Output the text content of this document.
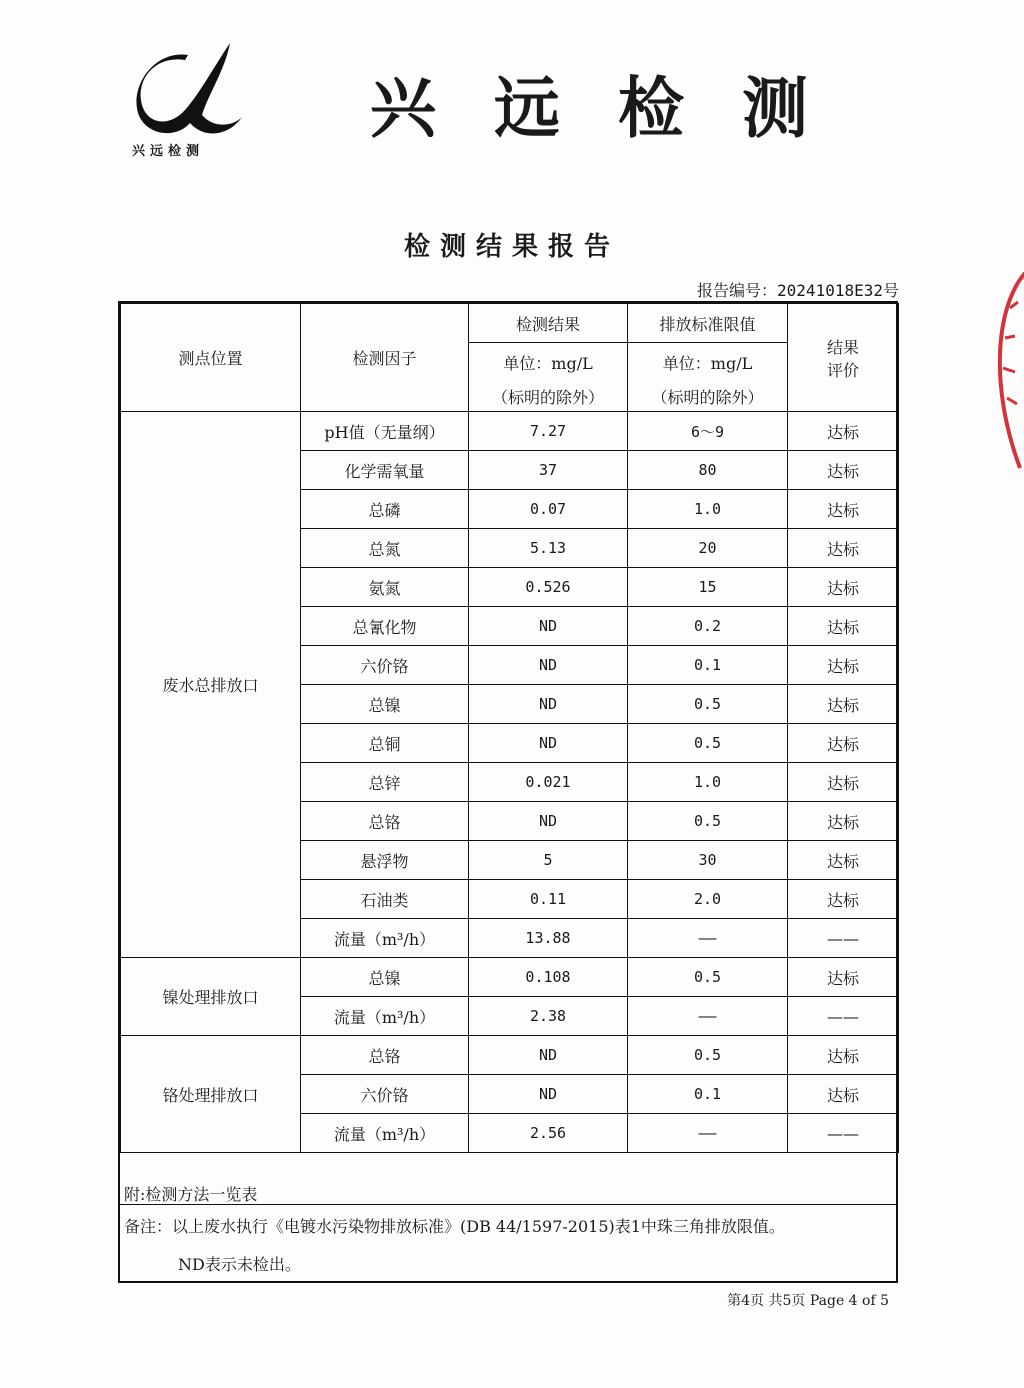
兴远检测
兴远检测
检测结果报告
报告编号：20241018E32号
测点位置	检测因子	检测结果	排放标准限值	结果
评价

		单位：mg/L	单位：mg/L	
		（标明的除外）	（标明的除外）	
废水总排放口	pH值（无量纲）	7.27	6～9	达标
	化学需氧量	37	80	达标
	总磷	0.07	1.0	达标
	总氮	5.13	20	达标
	氨氮	0.526	15	达标
	总氰化物	ND	0.2	达标
	六价铬	ND	0.1	达标
	总镍	ND	0.5	达标
	总铜	ND	0.5	达标
	总锌	0.021	1.0	达标
	总铬	ND	0.5	达标
	悬浮物	5	30	达标
	石油类	0.11	2.0	达标
	流量（m³/h）	13.88	——	——
镍处理排放口	总镍	0.108	0.5	达标
	流量（m³/h）	2.38	——	——
铬处理排放口	总铬	ND	0.5	达标
	六价铬	ND	0.1	达标
	流量（m³/h）	2.56	——	——
附:检测方法一览表
备注：以上废水执行《电镀水污染物排放标准》(DB 44/1597-2015)表1中珠三角排放限值。
ND表示未检出。
第4页 共5页 Page 4 of 5
